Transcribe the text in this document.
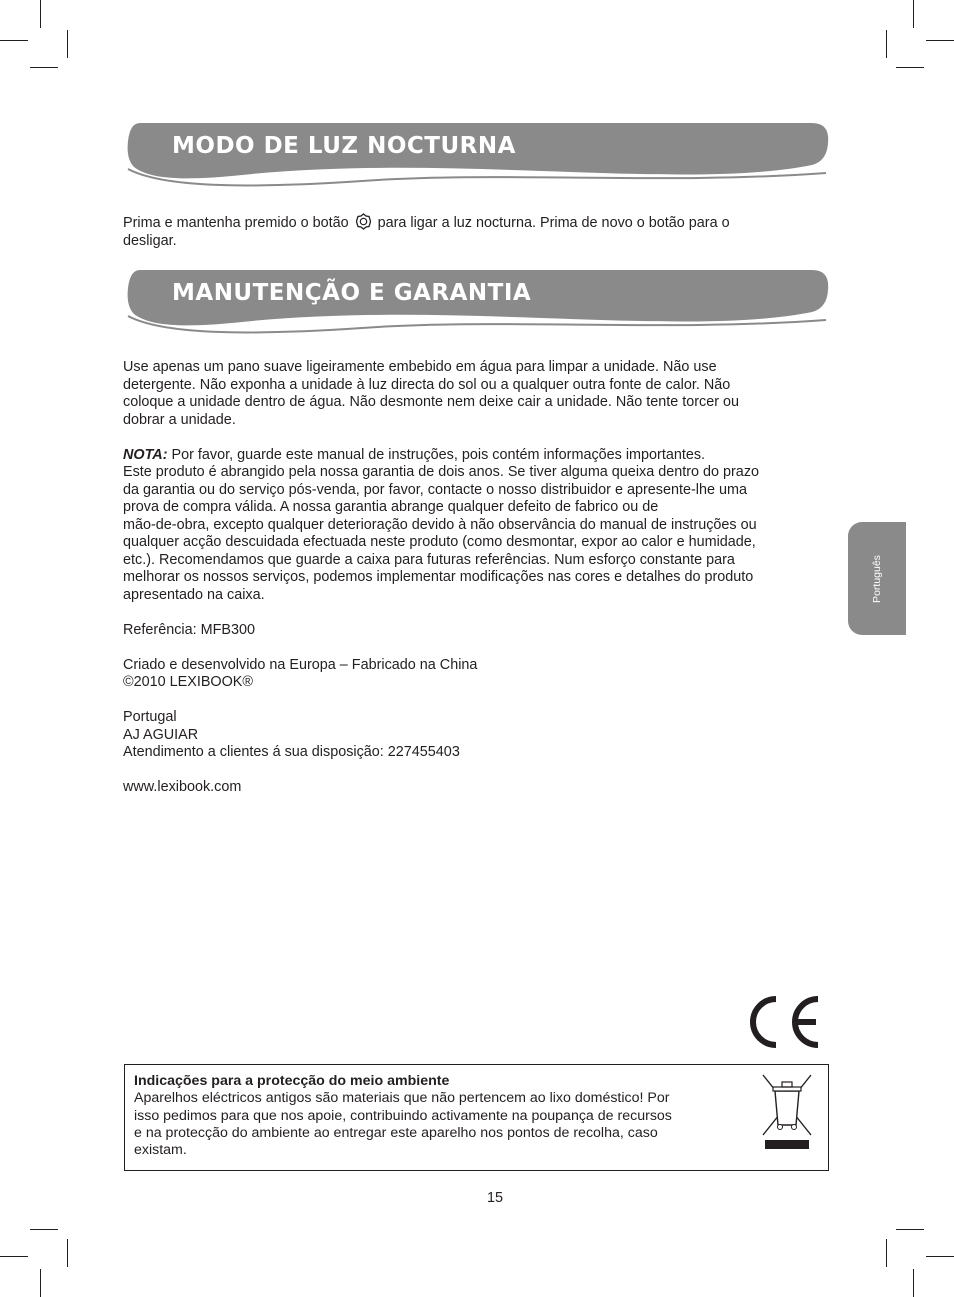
MODO DE LUZ NOCTURNA

Prima e mantenha premido o botão para ligar a luz nocturna. Prima de novo o botão para o

desligar.

MANUTENÇÃO E GARANTIA

Use apenas um pano suave ligeiramente embebido em água para limpar a unidade. Não use

detergente. Não exponha a unidade à luz directa do sol ou a qualquer outra fonte de calor. Não

coloque a unidade dentro de água. Não desmonte nem deixe cair a unidade. Não tente torcer ou

dobrar a unidade.

NOTA: Por favor, guarde este manual de instruções, pois contém informações importantes.

Este produto é abrangido pela nossa garantia de dois anos. Se tiver alguma queixa dentro do prazo

da garantia ou do serviço pós-venda, por favor, contacte o nosso distribuidor e apresente-lhe uma

prova de compra válida. A nossa garantia abrange qualquer defeito de fabrico ou de

mão-de-obra, excepto qualquer deterioração devido à não observância do manual de instruções ou

qualquer acção descuidada efectuada neste produto (como desmontar, expor ao calor e humidade,

etc.). Recomendamos que guarde a caixa para futuras referências. Num esforço constante para

melhorar os nossos serviços, podemos implementar modificações nas cores e detalhes do produto

apresentado na caixa.

Referência: MFB300

Criado e desenvolvido na Europa – Fabricado na China

©2010 LEXIBOOK®

Portugal

AJ AGUIAR

Atendimento a clientes á sua disposição: 227455403

www.lexibook.com

Português
Indicações para a protecção do meio ambiente
Aparelhos eléctricos antigos são materiais que não pertencem ao lixo doméstico! Por
isso pedimos para que nos apoie, contribuindo activamente na poupança de recursos
e na protecção do ambiente ao entregar este aparelho nos pontos de recolha, caso
existam.
15
